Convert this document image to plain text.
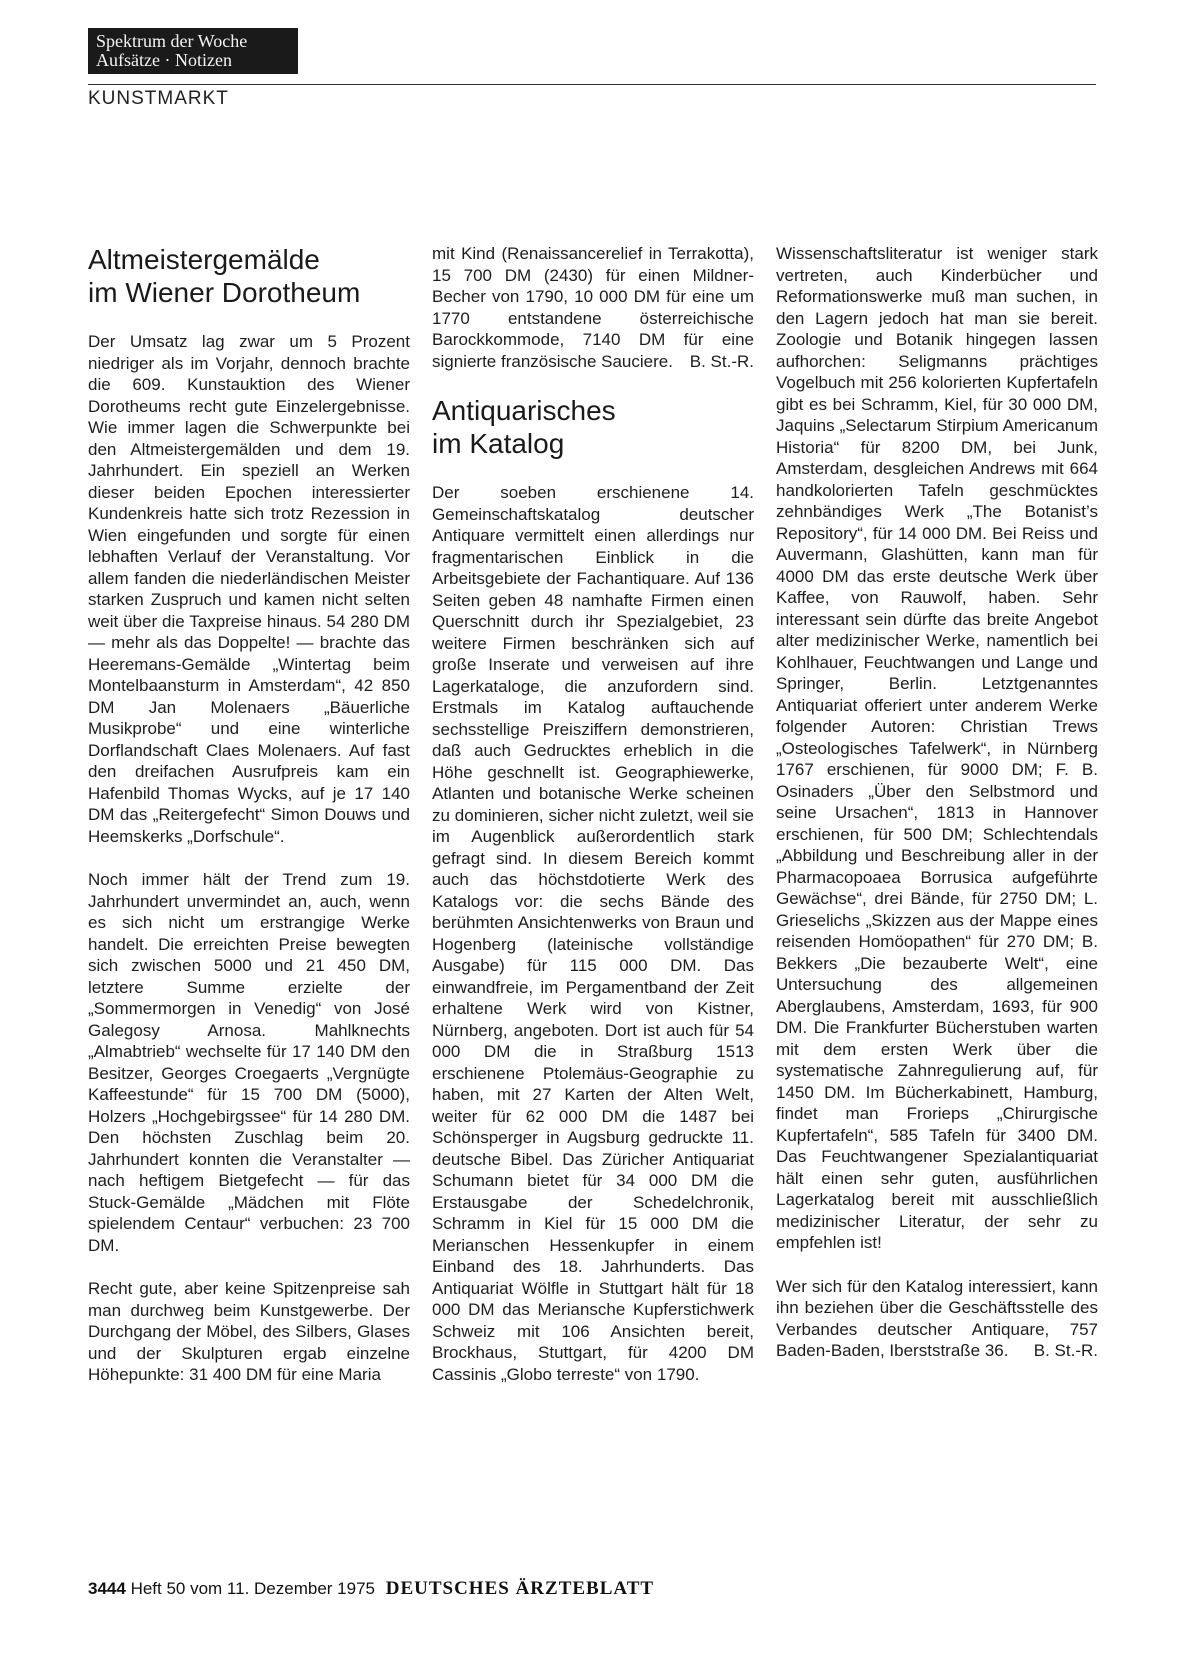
Spektrum der Woche
Aufsätze · Notizen
KUNSTMARKT
Altmeistergemälde
im Wiener Dorotheum

Der Umsatz lag zwar um 5 Prozent niedriger als im Vorjahr, dennoch brachte die 609. Kunstauktion des Wiener Dorotheums recht gute Einzelergebnisse. Wie immer lagen die Schwerpunkte bei den Altmeistergemälden und dem 19. Jahrhundert. Ein speziell an Werken dieser beiden Epochen interessierter Kundenkreis hatte sich trotz Rezession in Wien eingefunden und sorgte für einen lebhaften Verlauf der Veranstaltung. Vor allem fanden die niederländischen Meister starken Zuspruch und kamen nicht selten weit über die Taxpreise hinaus. 54 280 DM — mehr als das Doppelte! — brachte das Heeremans-Gemälde „Wintertag beim Montelbaansturm in Amsterdam“, 42 850 DM Jan Molenaers „Bäuerliche Musikprobe“ und eine winterliche Dorflandschaft Claes Molenaers. Auf fast den dreifachen Ausrufpreis kam ein Hafenbild Thomas Wycks, auf je 17 140 DM das „Reitergefecht“ Simon Douws und Heemskerks „Dorfschule“.

Noch immer hält der Trend zum 19. Jahrhundert unvermindet an, auch, wenn es sich nicht um erstrangige Werke handelt. Die erreichten Preise bewegten sich zwischen 5000 und 21 450 DM, letztere Summe erzielte der „Sommermorgen in Venedig“ von José Galegosy Arnosa. Mahlknechts „Almabtrieb“ wechselte für 17 140 DM den Besitzer, Georges Croegaerts „Vergnügte Kaffeestunde“ für 15 700 DM (5000), Holzers „Hochgebirgssee“ für 14 280 DM. Den höchsten Zuschlag beim 20. Jahrhundert konnten die Veranstalter — nach heftigem Bietgefecht — für das Stuck-Gemälde „Mädchen mit Flöte spielendem Centaur“ verbuchen: 23 700 DM.

Recht gute, aber keine Spitzenpreise sah man durchweg beim Kunstgewerbe. Der Durchgang der Möbel, des Silbers, Glases und der Skulpturen ergab einzelne Höhepunkte: 31 400 DM für eine Maria

mit Kind (Renaissancerelief in Terrakotta), 15 700 DM (2430) für einen Mildner-Becher von 1790, 10 000 DM für eine um 1770 entstandene österreichische Barockkommode, 7140 DM für eine signierte französische Sauciere. B. St.-R.

Antiquarisches
im Katalog

Der soeben erschienene 14. Gemeinschaftskatalog deutscher Antiquare vermittelt einen allerdings nur fragmentarischen Einblick in die Arbeitsgebiete der Fachantiquare. Auf 136 Seiten geben 48 namhafte Firmen einen Querschnitt durch ihr Spezialgebiet, 23 weitere Firmen beschränken sich auf große Inserate und verweisen auf ihre Lagerkataloge, die anzufordern sind. Erstmals im Katalog auftauchende sechsstellige Preisziffern demonstrieren, daß auch Gedrucktes erheblich in die Höhe geschnellt ist. Geographiewerke, Atlanten und botanische Werke scheinen zu dominieren, sicher nicht zuletzt, weil sie im Augenblick außerordentlich stark gefragt sind. In diesem Bereich kommt auch das höchstdotierte Werk des Katalogs vor: die sechs Bände des berühmten Ansichtenwerks von Braun und Hogenberg (lateinische vollständige Ausgabe) für 115 000 DM. Das einwandfreie, im Pergamentband der Zeit erhaltene Werk wird von Kistner, Nürnberg, angeboten. Dort ist auch für 54 000 DM die in Straßburg 1513 erschienene Ptolemäus-Geographie zu haben, mit 27 Karten der Alten Welt, weiter für 62 000 DM die 1487 bei Schönsperger in Augsburg gedruckte 11. deutsche Bibel. Das Züricher Antiquariat Schumann bietet für 34 000 DM die Erstausgabe der Schedelchronik, Schramm in Kiel für 15 000 DM die Merianschen Hessenkupfer in einem Einband des 18. Jahrhunderts. Das Antiquariat Wölfle in Stuttgart hält für 18 000 DM das Meriansche Kupferstichwerk Schweiz mit 106 Ansichten bereit, Brockhaus, Stuttgart, für 4200 DM Cassinis „Globo terreste“ von 1790.

Wissenschaftsliteratur ist weniger stark vertreten, auch Kinderbücher und Reformationswerke muß man suchen, in den Lagern jedoch hat man sie bereit. Zoologie und Botanik hingegen lassen aufhorchen: Seligmanns prächtiges Vogelbuch mit 256 kolorierten Kupfertafeln gibt es bei Schramm, Kiel, für 30 000 DM, Jaquins „Selectarum Stirpium Americanum Historia“ für 8200 DM, bei Junk, Amsterdam, desgleichen Andrews mit 664 handkolorierten Tafeln geschmücktes zehnbändiges Werk „The Botanist’s Repository“, für 14 000 DM. Bei Reiss und Auvermann, Glashütten, kann man für 4000 DM das erste deutsche Werk über Kaffee, von Rauwolf, haben. Sehr interessant sein dürfte das breite Angebot alter medizinischer Werke, namentlich bei Kohlhauer, Feuchtwangen und Lange und Springer, Berlin. Letztgenanntes Antiquariat offeriert unter anderem Werke folgender Autoren: Christian Trews „Osteologisches Tafelwerk“, in Nürnberg 1767 erschienen, für 9000 DM; F. B. Osinaders „Über den Selbstmord und seine Ursachen“, 1813 in Hannover erschienen, für 500 DM; Schlechtendals „Abbildung und Beschreibung aller in der Pharmacopoaea Borrusica aufgeführte Gewächse“, drei Bände, für 2750 DM; L. Grieselichs „Skizzen aus der Mappe eines reisenden Homöopathen“ für 270 DM; B. Bekkers „Die bezauberte Welt“, eine Untersuchung des allgemeinen Aberglaubens, Amsterdam, 1693, für 900 DM. Die Frankfurter Bücherstuben warten mit dem ersten Werk über die systematische Zahnregulierung auf, für 1450 DM. Im Bücherkabinett, Hamburg, findet man Frorieps „Chirurgische Kupfertafeln“, 585 Tafeln für 3400 DM. Das Feuchtwangener Spezialantiquariat hält einen sehr guten, ausführlichen Lagerkatalog bereit mit ausschließlich medizinischer Literatur, der sehr zu empfehlen ist!

Wer sich für den Katalog interessiert, kann ihn beziehen über die Geschäftsstelle des Verbandes deutscher Antiquare, 757 Baden-Baden, Iberststraße 36. B. St.-R.

3444 Heft 50 vom 11. Dezember 1975 DEUTSCHES ÄRZTEBLATT
